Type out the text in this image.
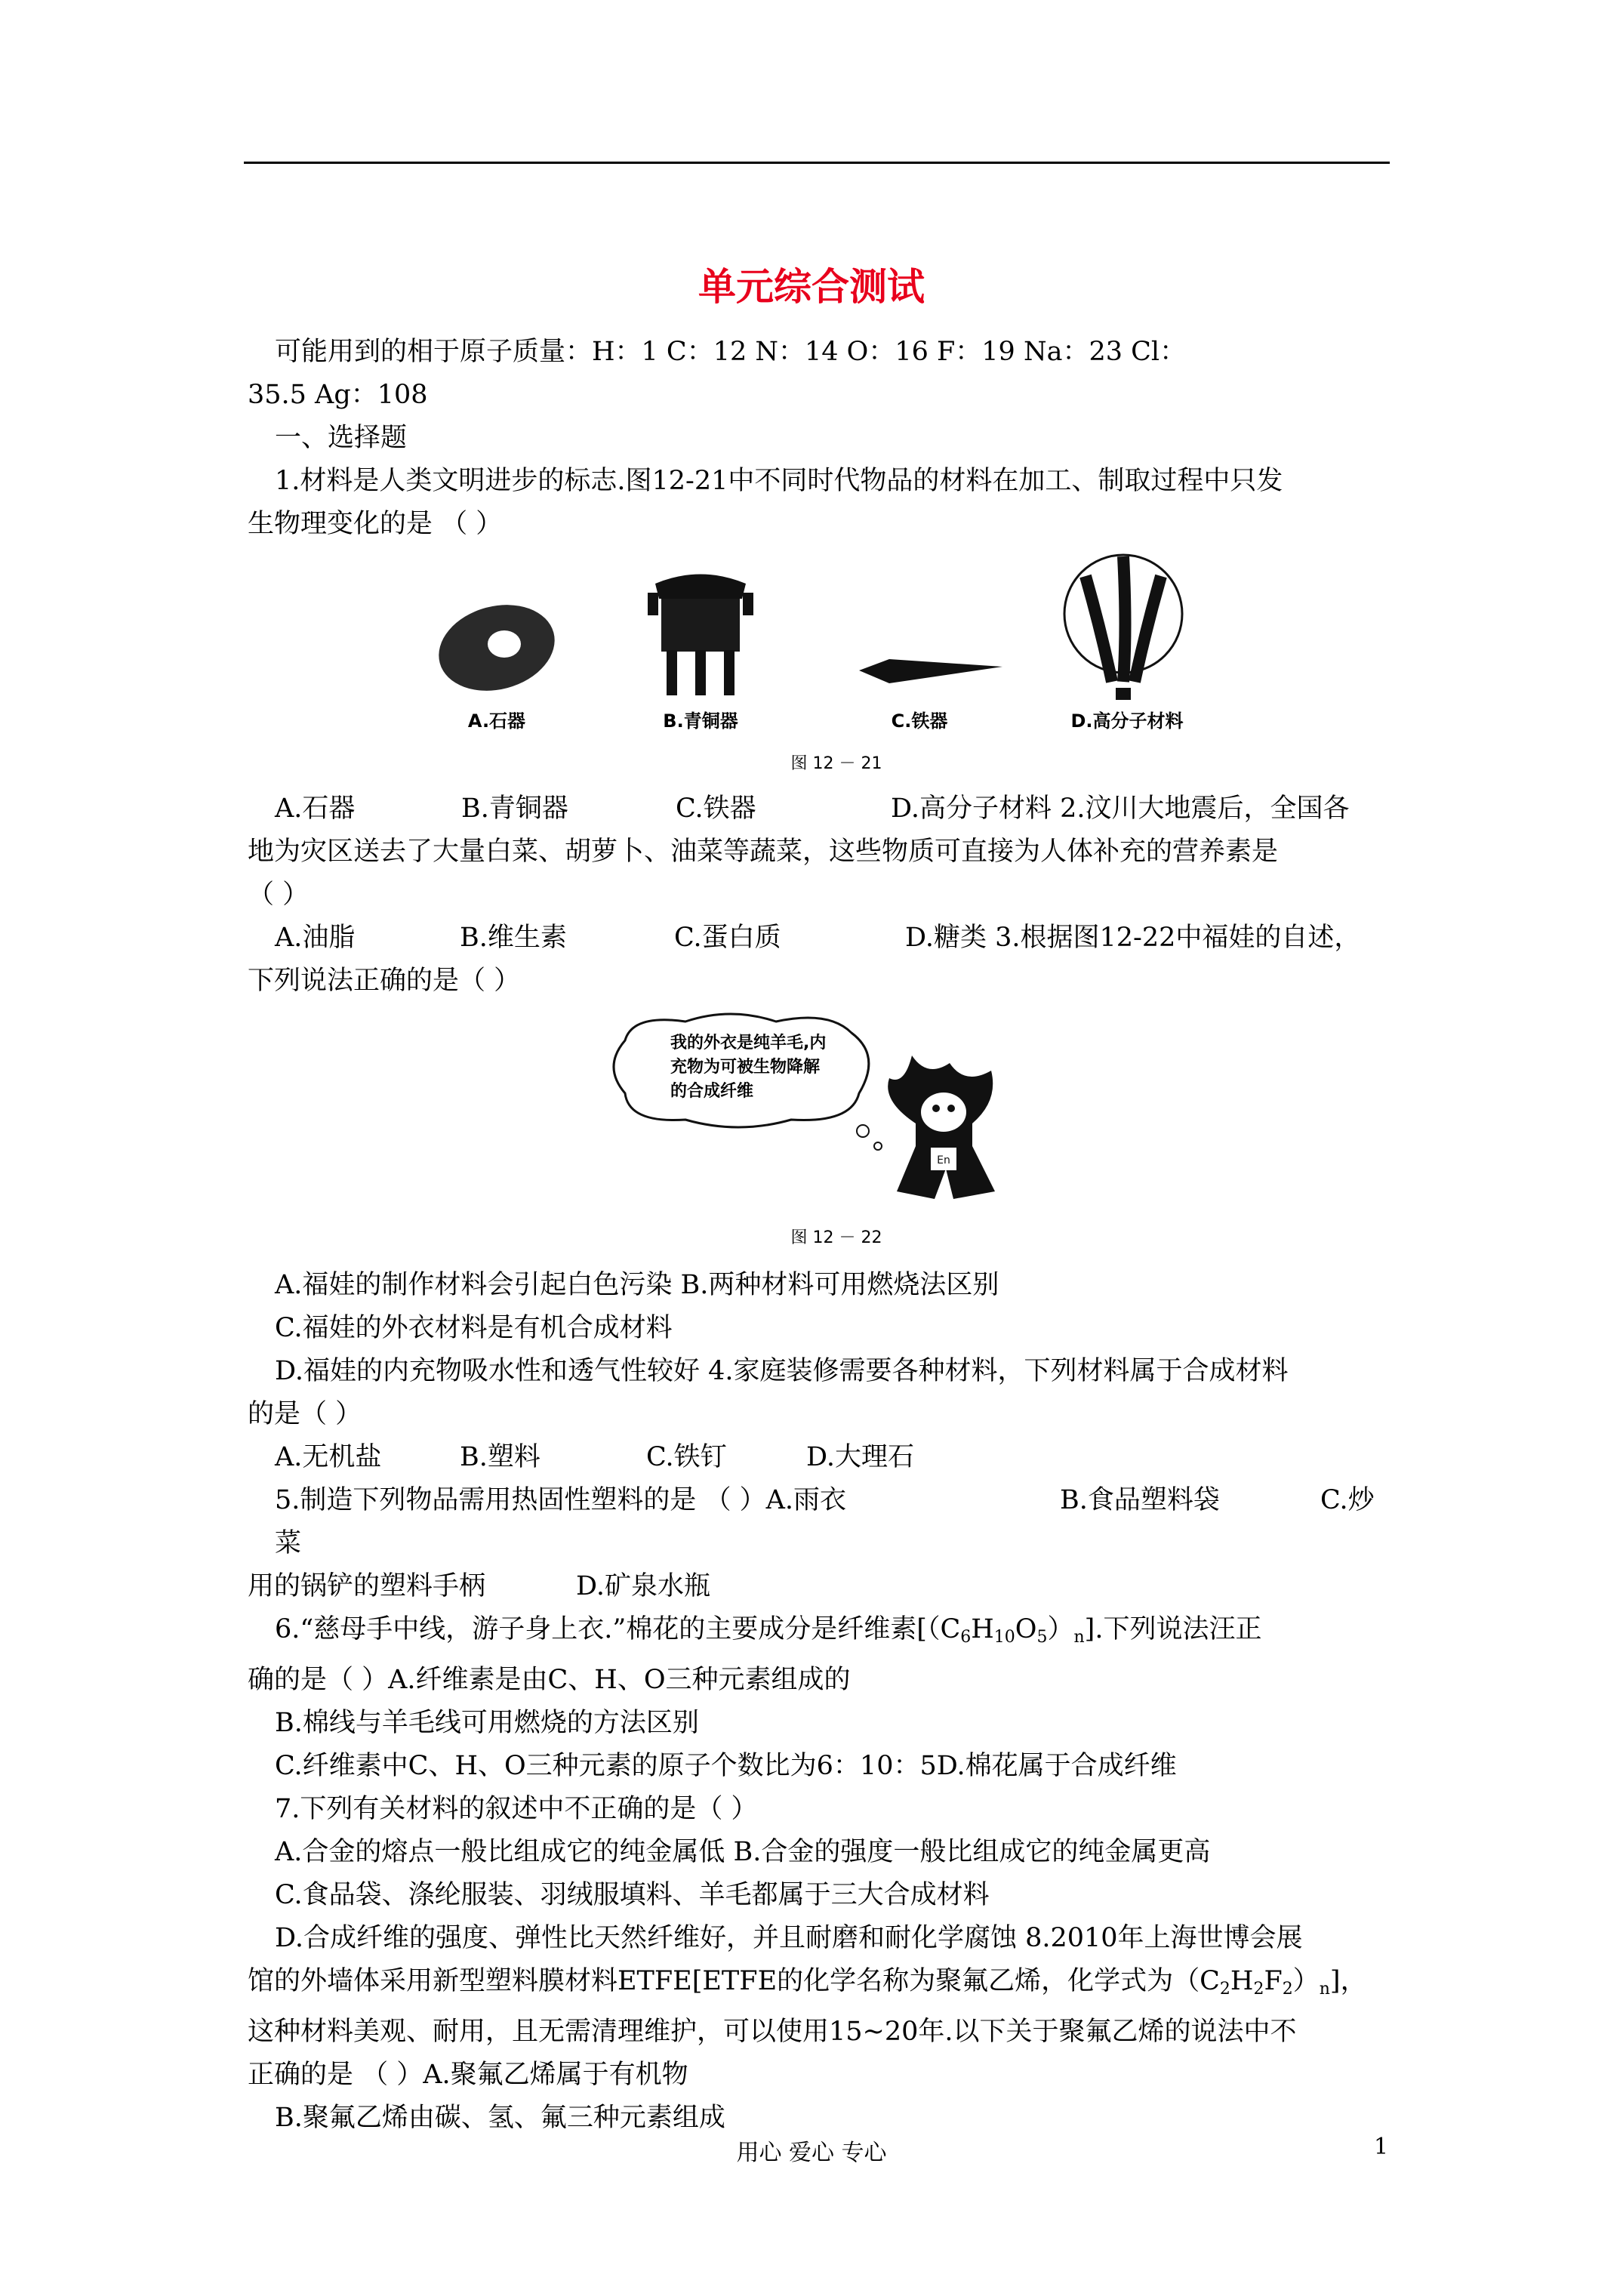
单元综合测试

可能用到的相于原子质量：H：1 C：12 N：14 O：16 F：19 Na：23 Cl：

35.5 Ag：108

一、选择题

1.材料是人类文明进步的标志.图12-21中不同时代物品的材料在加工、制取过程中只发

生物理变化的是 （ ）

A.石器	B.青铜器	C.铁器	D.高分子材料
图 12 － 21

A.石器	B.青铜器	C.铁器	D.高分子材料 2.汶川大地震后，全国各

地为灾区送去了大量白菜、胡萝卜、油菜等蔬菜，这些物质可直接为人体补充的营养素是

（ ）

A.油脂	B.维生素	C.蛋白质	D.糖类 3.根据图12-22中福娃的自述，

下列说法正确的是（ ）

我的外衣是纯羊毛,内
充物为可被生物降解
的合成纤维
En
图 12 － 22

A.福娃的制作材料会引起白色污染 B.两种材料可用燃烧法区别

C.福娃的外衣材料是有机合成材料

D.福娃的内充物吸水性和透气性较好 4.家庭装修需要各种材料，下列材料属于合成材料

的是（ ）

A.无机盐	B.塑料	C.铁钉	D.大理石

5.制造下列物品需用热固性塑料的是 （ ）A.雨衣	B.食品塑料袋	C.炒菜

用的锅铲的塑料手柄	D.矿泉水瓶

6.“慈母手中线，游子身上衣.”棉花的主要成分是纤维素$[(C_6H_{10}O_5)_n]$.下列说法汪正

确的是（ ）A.纤维素是由C、H、O三种元素组成的

B.棉线与羊毛线可用燃烧的方法区别

C.纤维素中C、H、O三种元素的原子个数比为6：10：5D.棉花属于合成纤维

7.下列有关材料的叙述中不正确的是（ ）

A.合金的熔点一般比组成它的纯金属低 B.合金的强度一般比组成它的纯金属更高

C.食品袋、涤纶服装、羽绒服填料、羊毛都属于三大合成材料

D.合成纤维的强度、弹性比天然纤维好，并且耐磨和耐化学腐蚀 8.2010年上海世博会展

馆的外墙体采用新型塑料膜材料ETFE[ETFE的化学名称为聚氟乙烯，化学式为$(C_2H_2F_2)_n$]，

这种材料美观、耐用，且无需清理维护，可以使用15~20年.以下关于聚氟乙烯的说法中不

正确的是 （ ）A.聚氟乙烯属于有机物

B.聚氟乙烯由碳、氢、氟三种元素组成

用心 爱心 专心	1
